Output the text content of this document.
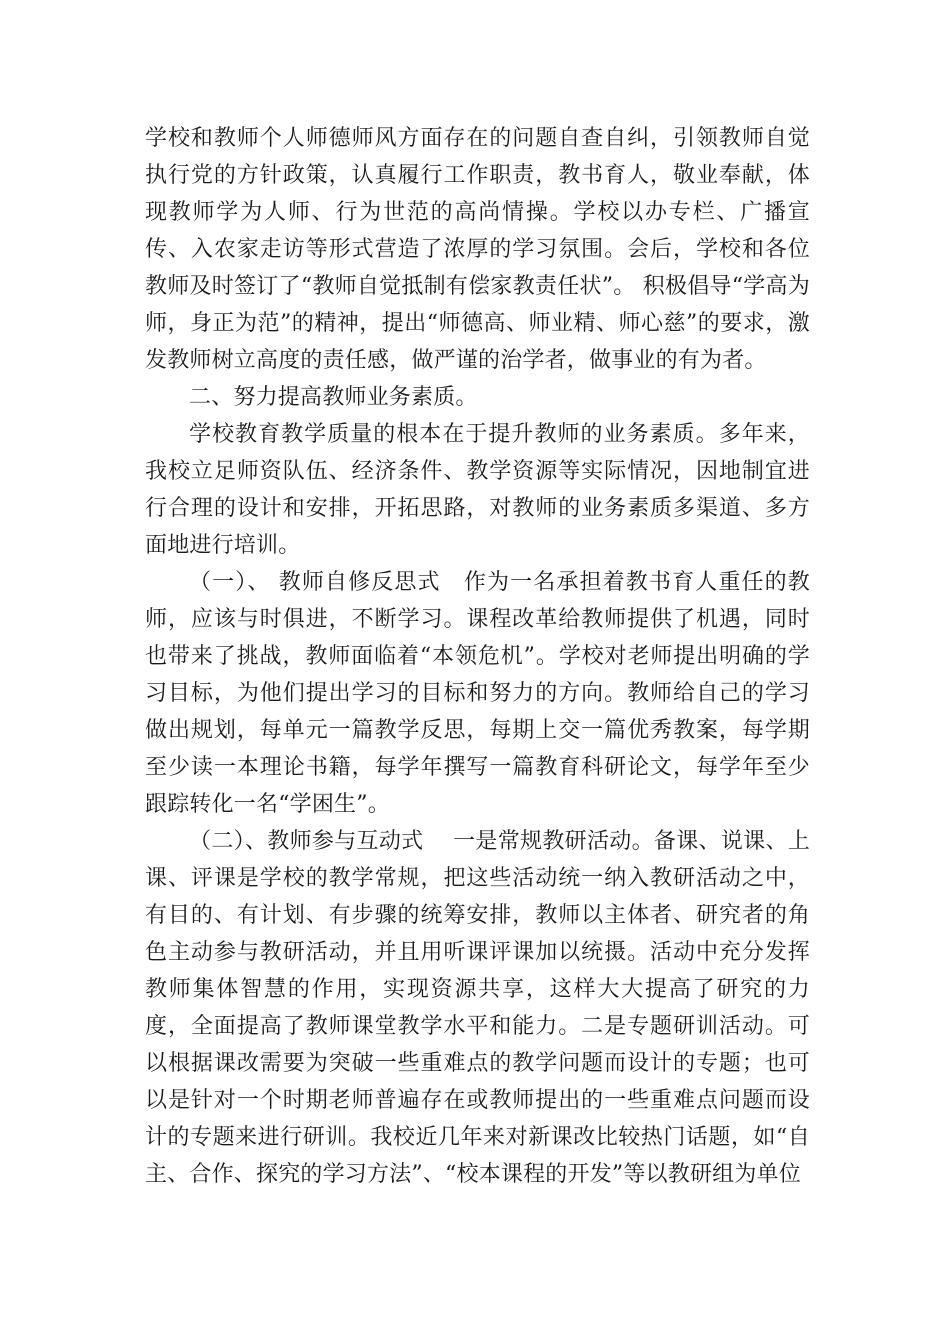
学校和教师个人师德师风方面存在的问题自查自纠，引领教师自觉执行党的方针政策，认真履行工作职责，教书育人，敬业奉献，体现教师学为人师、行为世范的高尚情操。学校以办专栏、广播宣传、入农家走访等形式营造了浓厚的学习氛围。会后，学校和各位教师及时签订了“教师自觉抵制有偿家教责任状”。 积极倡导“学高为师，身正为范”的精神，提出“师德高、师业精、师心慈”的要求，激发教师树立高度的责任感，做严谨的治学者，做事业的有为者。

二、努力提高教师业务素质。

学校教育教学质量的根本在于提升教师的业务素质。多年来，我校立足师资队伍、经济条件、教学资源等实际情况，因地制宜进行合理的设计和安排，开拓思路，对教师的业务素质多渠道、多方面地进行培训。

（一）、 教师自修反思式　作为一名承担着教书育人重任的教师，应该与时俱进，不断学习。课程改革给教师提供了机遇，同时也带来了挑战，教师面临着“本领危机”。学校对老师提出明确的学习目标，为他们提出学习的目标和努力的方向。教师给自己的学习做出规划，每单元一篇教学反思，每期上交一篇优秀教案，每学期至少读一本理论书籍，每学年撰写一篇教育科研论文，每学年至少跟踪转化一名“学困生”。

（二）、教师参与互动式　 一是常规教研活动。备课、说课、上课、评课是学校的教学常规，把这些活动统一纳入教研活动之中，有目的、有计划、有步骤的统筹安排，教师以主体者、研究者的角色主动参与教研活动，并且用听课评课加以统摄。活动中充分发挥教师集体智慧的作用，实现资源共享，这样大大提高了研究的力度，全面提高了教师课堂教学水平和能力。二是专题研训活动。可以根据课改需要为突破一些重难点的教学问题而设计的专题；也可以是针对一个时期老师普遍存在或教师提出的一些重难点问题而设计的专题来进行研训。我校近几年来对新课改比较热门话题，如“自主、合作、探究的学习方法”、“校本课程的开发”等以教研组为单位
